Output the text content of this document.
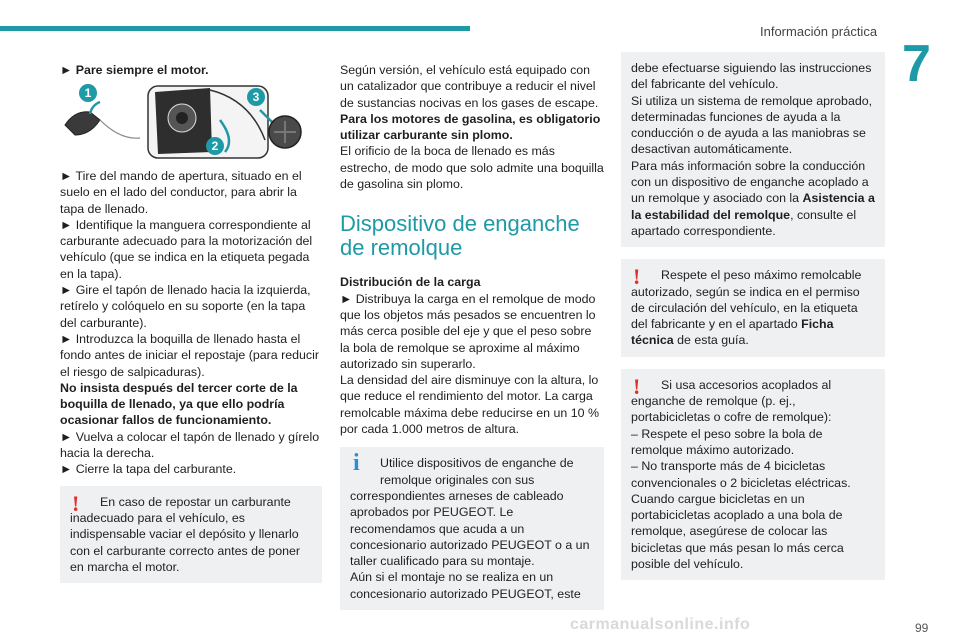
Información práctica
7

► Pare siempre el motor.

1
2
3

► Tire del mando de apertura, situado en el suelo en el lado del conductor, para abrir la tapa de llenado.

► Identifique la manguera correspondiente al carburante adecuado para la motorización del vehículo (que se indica en la etiqueta pegada en la tapa).

► Gire el tapón de llenado hacia la izquierda, retírelo y colóquelo en su soporte (en la tapa del carburante).

► Introduzca la boquilla de llenado hasta el fondo antes de iniciar el repostaje (para reducir el riesgo de salpicaduras).

No insista después del tercer corte de la boquilla de llenado, ya que ello podría ocasionar fallos de funcionamiento.

► Vuelva a colocar el tapón de llenado y gírelo hacia la derecha.

► Cierre la tapa del carburante.

!	En caso de repostar un carburante
inadecuado para el vehículo, es indispensable vaciar el depósito y llenarlo con el carburante correcto antes de poner en marcha el motor.

Según versión, el vehículo está equipado con un catalizador que contribuye a reducir el nivel de sustancias nocivas en los gases de escape.

Para los motores de gasolina, es obligatorio utilizar carburante sin plomo.

El orificio de la boca de llenado es más estrecho, de modo que solo admite una boquilla de gasolina sin plomo.

Dispositivo de enganche de remolque

Distribución de la carga

► Distribuya la carga en el remolque de modo que los objetos más pesados se encuentren lo más cerca posible del eje y que el peso sobre la bola de remolque se aproxime al máximo autorizado sin superarlo.

La densidad del aire disminuye con la altura, lo que reduce el rendimiento del motor. La carga remolcable máxima debe reducirse en un 10 % por cada 1.000 metros de altura.

i	Utilice dispositivos de enganche de
remolque originales con sus
correspondientes arneses de cableado aprobados por PEUGEOT. Le recomendamos que acuda a un concesionario autorizado PEUGEOT o a un taller cualificado para su montaje.
Aún si el montaje no se realiza en un concesionario autorizado PEUGEOT, este

debe efectuarse siguiendo las instrucciones del fabricante del vehículo.

Si utiliza un sistema de remolque aprobado, determinadas funciones de ayuda a la conducción o de ayuda a las maniobras se desactivan automáticamente.

Para más información sobre la conducción con un dispositivo de enganche acoplado a un remolque y asociado con la Asistencia a la estabilidad del remolque, consulte el apartado correspondiente.

!	Respete el peso máximo remolcable
autorizado, según se indica en el permiso de circulación del vehículo, en la etiqueta del fabricante y en el apartado Ficha técnica de esta guía.

!	Si usa accesorios acoplados al
enganche de remolque (p. ej., portabicicletas o cofre de remolque):
– Respete el peso sobre la bola de remolque máximo autorizado.
– No transporte más de 4 bicicletas convencionales o 2 bicicletas eléctricas.
Cuando cargue bicicletas en un portabicicletas acoplado a una bola de remolque, asegúrese de colocar las bicicletas que más pesan lo más cerca posible del vehículo.

carmanualsonline.info	99
